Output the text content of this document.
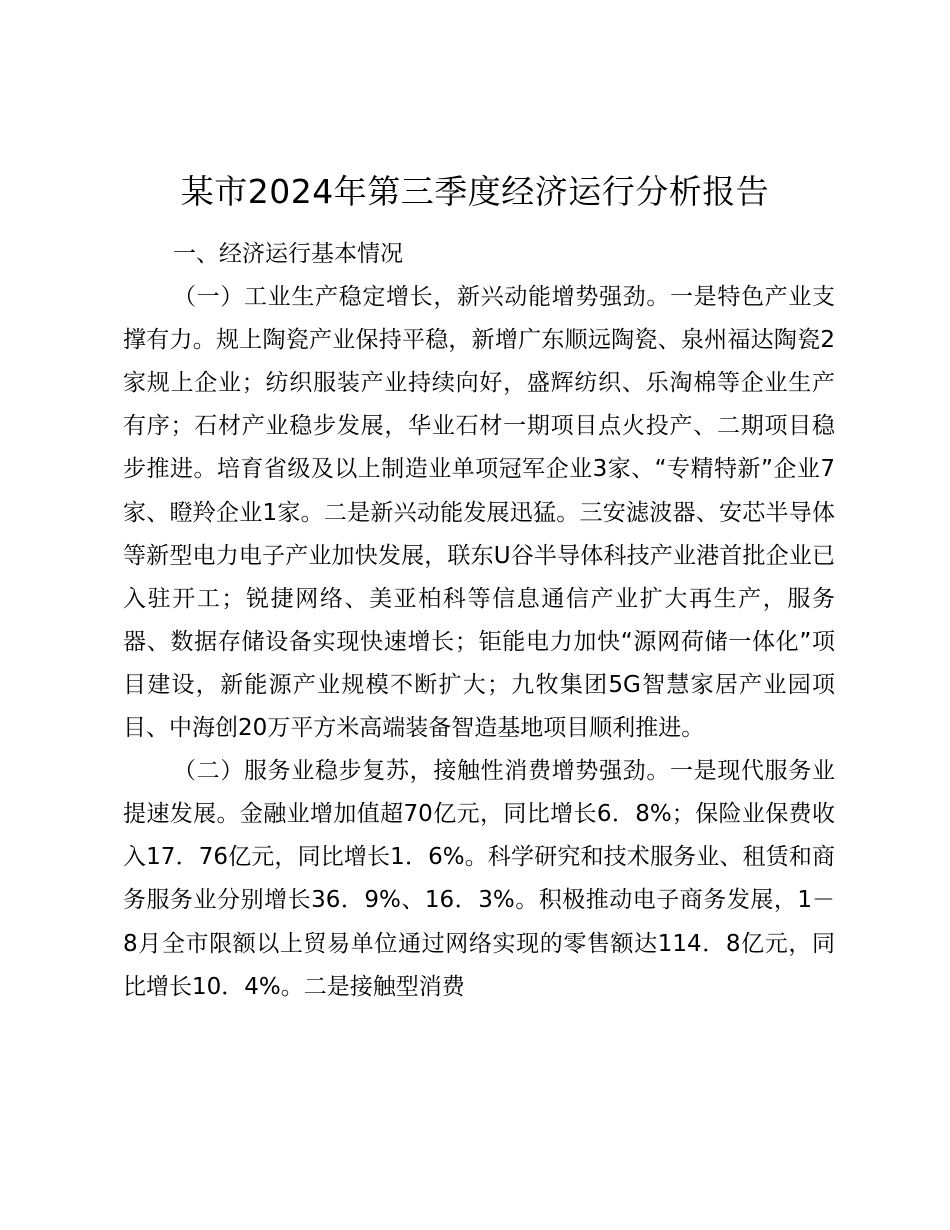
某市2024年第三季度经济运行分析报告

一、经济运行基本情况

（一）工业生产稳定增长，新兴动能增势强劲。一是特色产业支撑有力。规上陶瓷产业保持平稳，新增广东顺远陶瓷、泉州福达陶瓷2家规上企业；纺织服装产业持续向好，盛辉纺织、乐淘棉等企业生产有序；石材产业稳步发展，华业石材一期项目点火投产、二期项目稳步推进。培育省级及以上制造业单项冠军企业3家、“专精特新”企业7家、瞪羚企业1家。二是新兴动能发展迅猛。三安滤波器、安芯半导体等新型电力电子产业加快发展，联东U谷半导体科技产业港首批企业已入驻开工；锐捷网络、美亚柏科等信息通信产业扩大再生产，服务器、数据存储设备实现快速增长；钜能电力加快“源网荷储一体化”项目建设，新能源产业规模不断扩大；九牧集团5G智慧家居产业园项目、中海创20万平方米高端装备智造基地项目顺利推进。

（二）服务业稳步复苏，接触性消费增势强劲。一是现代服务业提速发展。金融业增加值超70亿元，同比增长6．8%；保险业保费收入17．76亿元，同比增长1．6%。科学研究和技术服务业、租赁和商务服务业分别增长36．9%、16．3%。积极推动电子商务发展，1－8月全市限额以上贸易单位通过网络实现的零售额达114．8亿元，同比增长10．4%。二是接触型消费
